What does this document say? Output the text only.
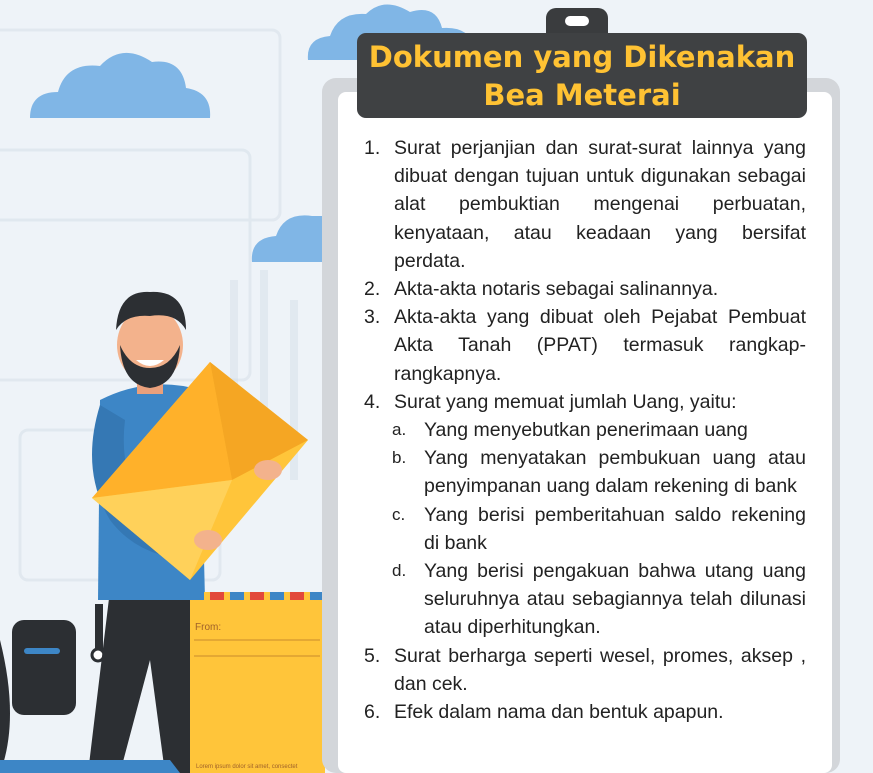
From:
Lorem ipsum dolor sit amet, consectet
Dokumen yang Dikenakan
Bea Meterai
1. Surat perjanjian dan surat-surat lainnya yang dibuat dengan tujuan untuk digunakan sebagai alat pembuktian mengenai perbuatan, kenyataan, atau keadaan yang bersifat perdata.
2. Akta-akta notaris sebagai salinannya.
3. Akta-akta yang dibuat oleh Pejabat Pembuat Akta Tanah (PPAT) termasuk rangkap-rangkapnya.
4. Surat yang memuat jumlah Uang, yaitu:
a. Yang menyebutkan penerimaan uang
b. Yang menyatakan pembukuan uang atau penyimpanan uang dalam rekening di bank
c. Yang berisi pemberitahuan saldo rekening di bank
d. Yang berisi pengakuan bahwa utang uang seluruhnya atau sebagiannya telah dilunasi atau diperhitungkan.
5. Surat berharga seperti wesel, promes, aksep , dan cek.
6. Efek dalam nama dan bentuk apapun.
